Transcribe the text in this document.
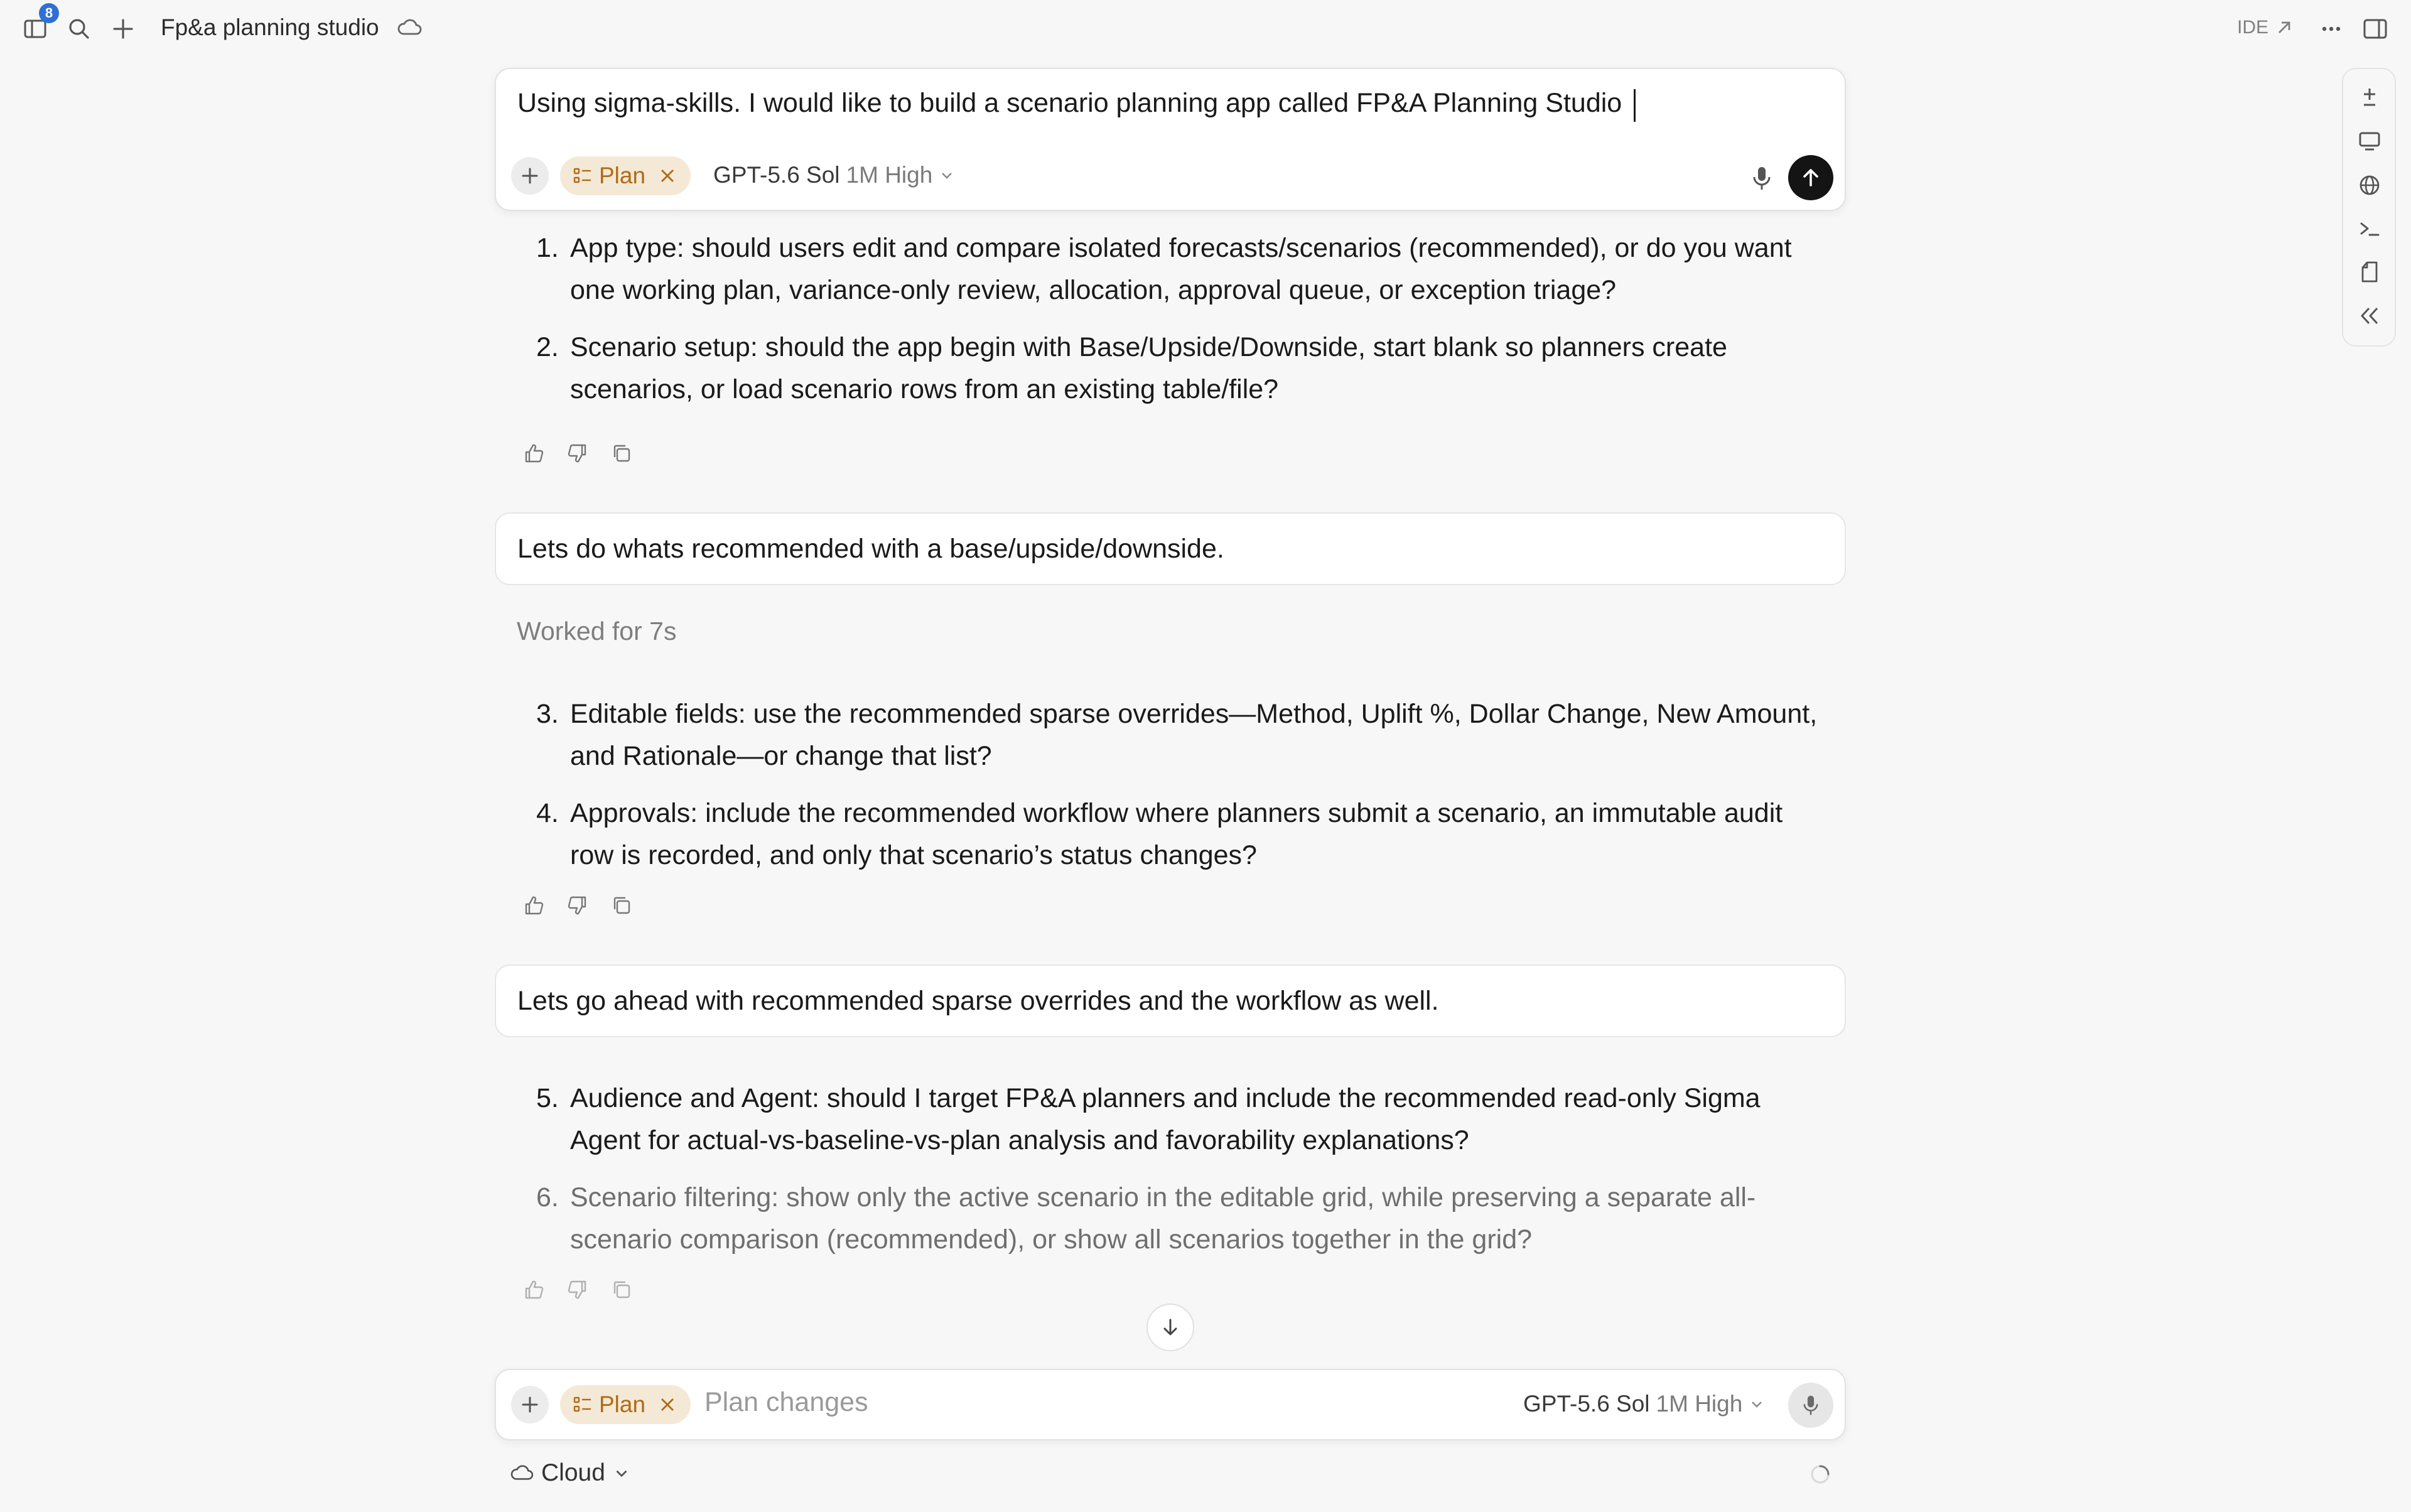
8
Fp&a planning studio	IDE
Using sigma-skills. I would like to build a scenario planning app called FP&A Planning Studio
Plan	GPT-5.6 Sol 1M High
1. App type: should users edit and compare isolated forecasts/scenarios (recommended), or do you want one working plan, variance-only review, allocation, approval queue, or exception triage?
2. Scenario setup: should the app begin with Base/Upside/Downside, start blank so planners create scenarios, or load scenario rows from an existing table/file?
Lets do whats recommended with a base/upside/downside.
Worked for 7s
3. Editable fields: use the recommended sparse overrides—Method, Uplift %, Dollar Change, New Amount, and Rationale—or change that list?
4. Approvals: include the recommended workflow where planners submit a scenario, an immutable audit row is recorded, and only that scenario’s status changes?
Lets go ahead with recommended sparse overrides and the workflow as well.
5. Audience and Agent: should I target FP&A planners and include the recommended read-only Sigma Agent for actual-vs-baseline-vs-plan analysis and favorability explanations?
6. Scenario filtering: show only the active scenario in the editable grid, while preserving a separate all-scenario comparison (recommended), or show all scenarios together in the grid?
Plan	GPT-5.6 Sol 1M High
Plan changes
Cloud
